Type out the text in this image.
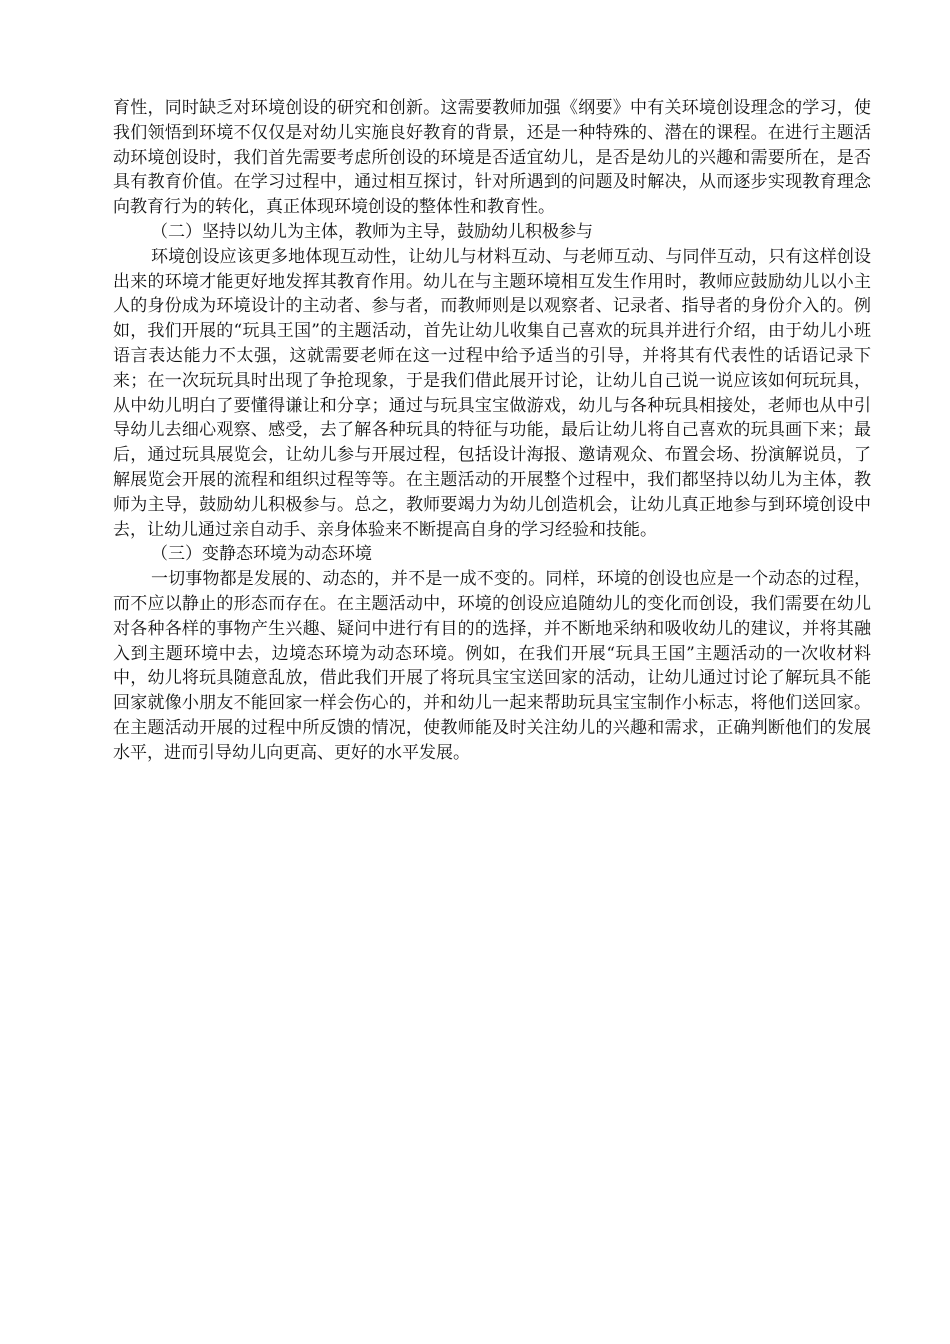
育性，同时缺乏对环境创设的研究和创新。这需要教师加强《纲要》中有关环境创设理念的学习，使我们领悟到环境不仅仅是对幼儿实施良好教育的背景，还是一种特殊的、潜在的课程。在进行主题活动环境创设时，我们首先需要考虑所创设的环境是否适宜幼儿，是否是幼儿的兴趣和需要所在，是否具有教育价值。在学习过程中，通过相互探讨，针对所遇到的问题及时解决，从而逐步实现教育理念向教育行为的转化，真正体现环境创设的整体性和教育性。

（二）坚持以幼儿为主体，教师为主导，鼓励幼儿积极参与

环境创设应该更多地体现互动性，让幼儿与材料互动、与老师互动、与同伴互动，只有这样创设出来的环境才能更好地发挥其教育作用。幼儿在与主题环境相互发生作用时，教师应鼓励幼儿以小主人的身份成为环境设计的主动者、参与者，而教师则是以观察者、记录者、指导者的身份介入的。例如，我们开展的“玩具王国”的主题活动，首先让幼儿收集自己喜欢的玩具并进行介绍，由于幼儿小班语言表达能力不太强，这就需要老师在这一过程中给予适当的引导，并将其有代表性的话语记录下来；在一次玩玩具时出现了争抢现象，于是我们借此展开讨论，让幼儿自己说一说应该如何玩玩具，从中幼儿明白了要懂得谦让和分享；通过与玩具宝宝做游戏，幼儿与各种玩具相接处，老师也从中引导幼儿去细心观察、感受，去了解各种玩具的特征与功能，最后让幼儿将自己喜欢的玩具画下来；最后，通过玩具展览会，让幼儿参与开展过程，包括设计海报、邀请观众、布置会场、扮演解说员，了解展览会开展的流程和组织过程等等。在主题活动的开展整个过程中，我们都坚持以幼儿为主体，教师为主导，鼓励幼儿积极参与。总之，教师要竭力为幼儿创造机会，让幼儿真正地参与到环境创设中去，让幼儿通过亲自动手、亲身体验来不断提高自身的学习经验和技能。

（三）变静态环境为动态环境

一切事物都是发展的、动态的，并不是一成不变的。同样，环境的创设也应是一个动态的过程，而不应以静止的形态而存在。在主题活动中，环境的创设应追随幼儿的变化而创设，我们需要在幼儿对各种各样的事物产生兴趣、疑问中进行有目的的选择，并不断地采纳和吸收幼儿的建议，并将其融入到主题环境中去，边境态环境为动态环境。例如，在我们开展“玩具王国”主题活动的一次收材料中，幼儿将玩具随意乱放，借此我们开展了将玩具宝宝送回家的活动，让幼儿通过讨论了解玩具不能回家就像小朋友不能回家一样会伤心的，并和幼儿一起来帮助玩具宝宝制作小标志，将他们送回家。在主题活动开展的过程中所反馈的情况，使教师能及时关注幼儿的兴趣和需求，正确判断他们的发展水平，进而引导幼儿向更高、更好的水平发展。
